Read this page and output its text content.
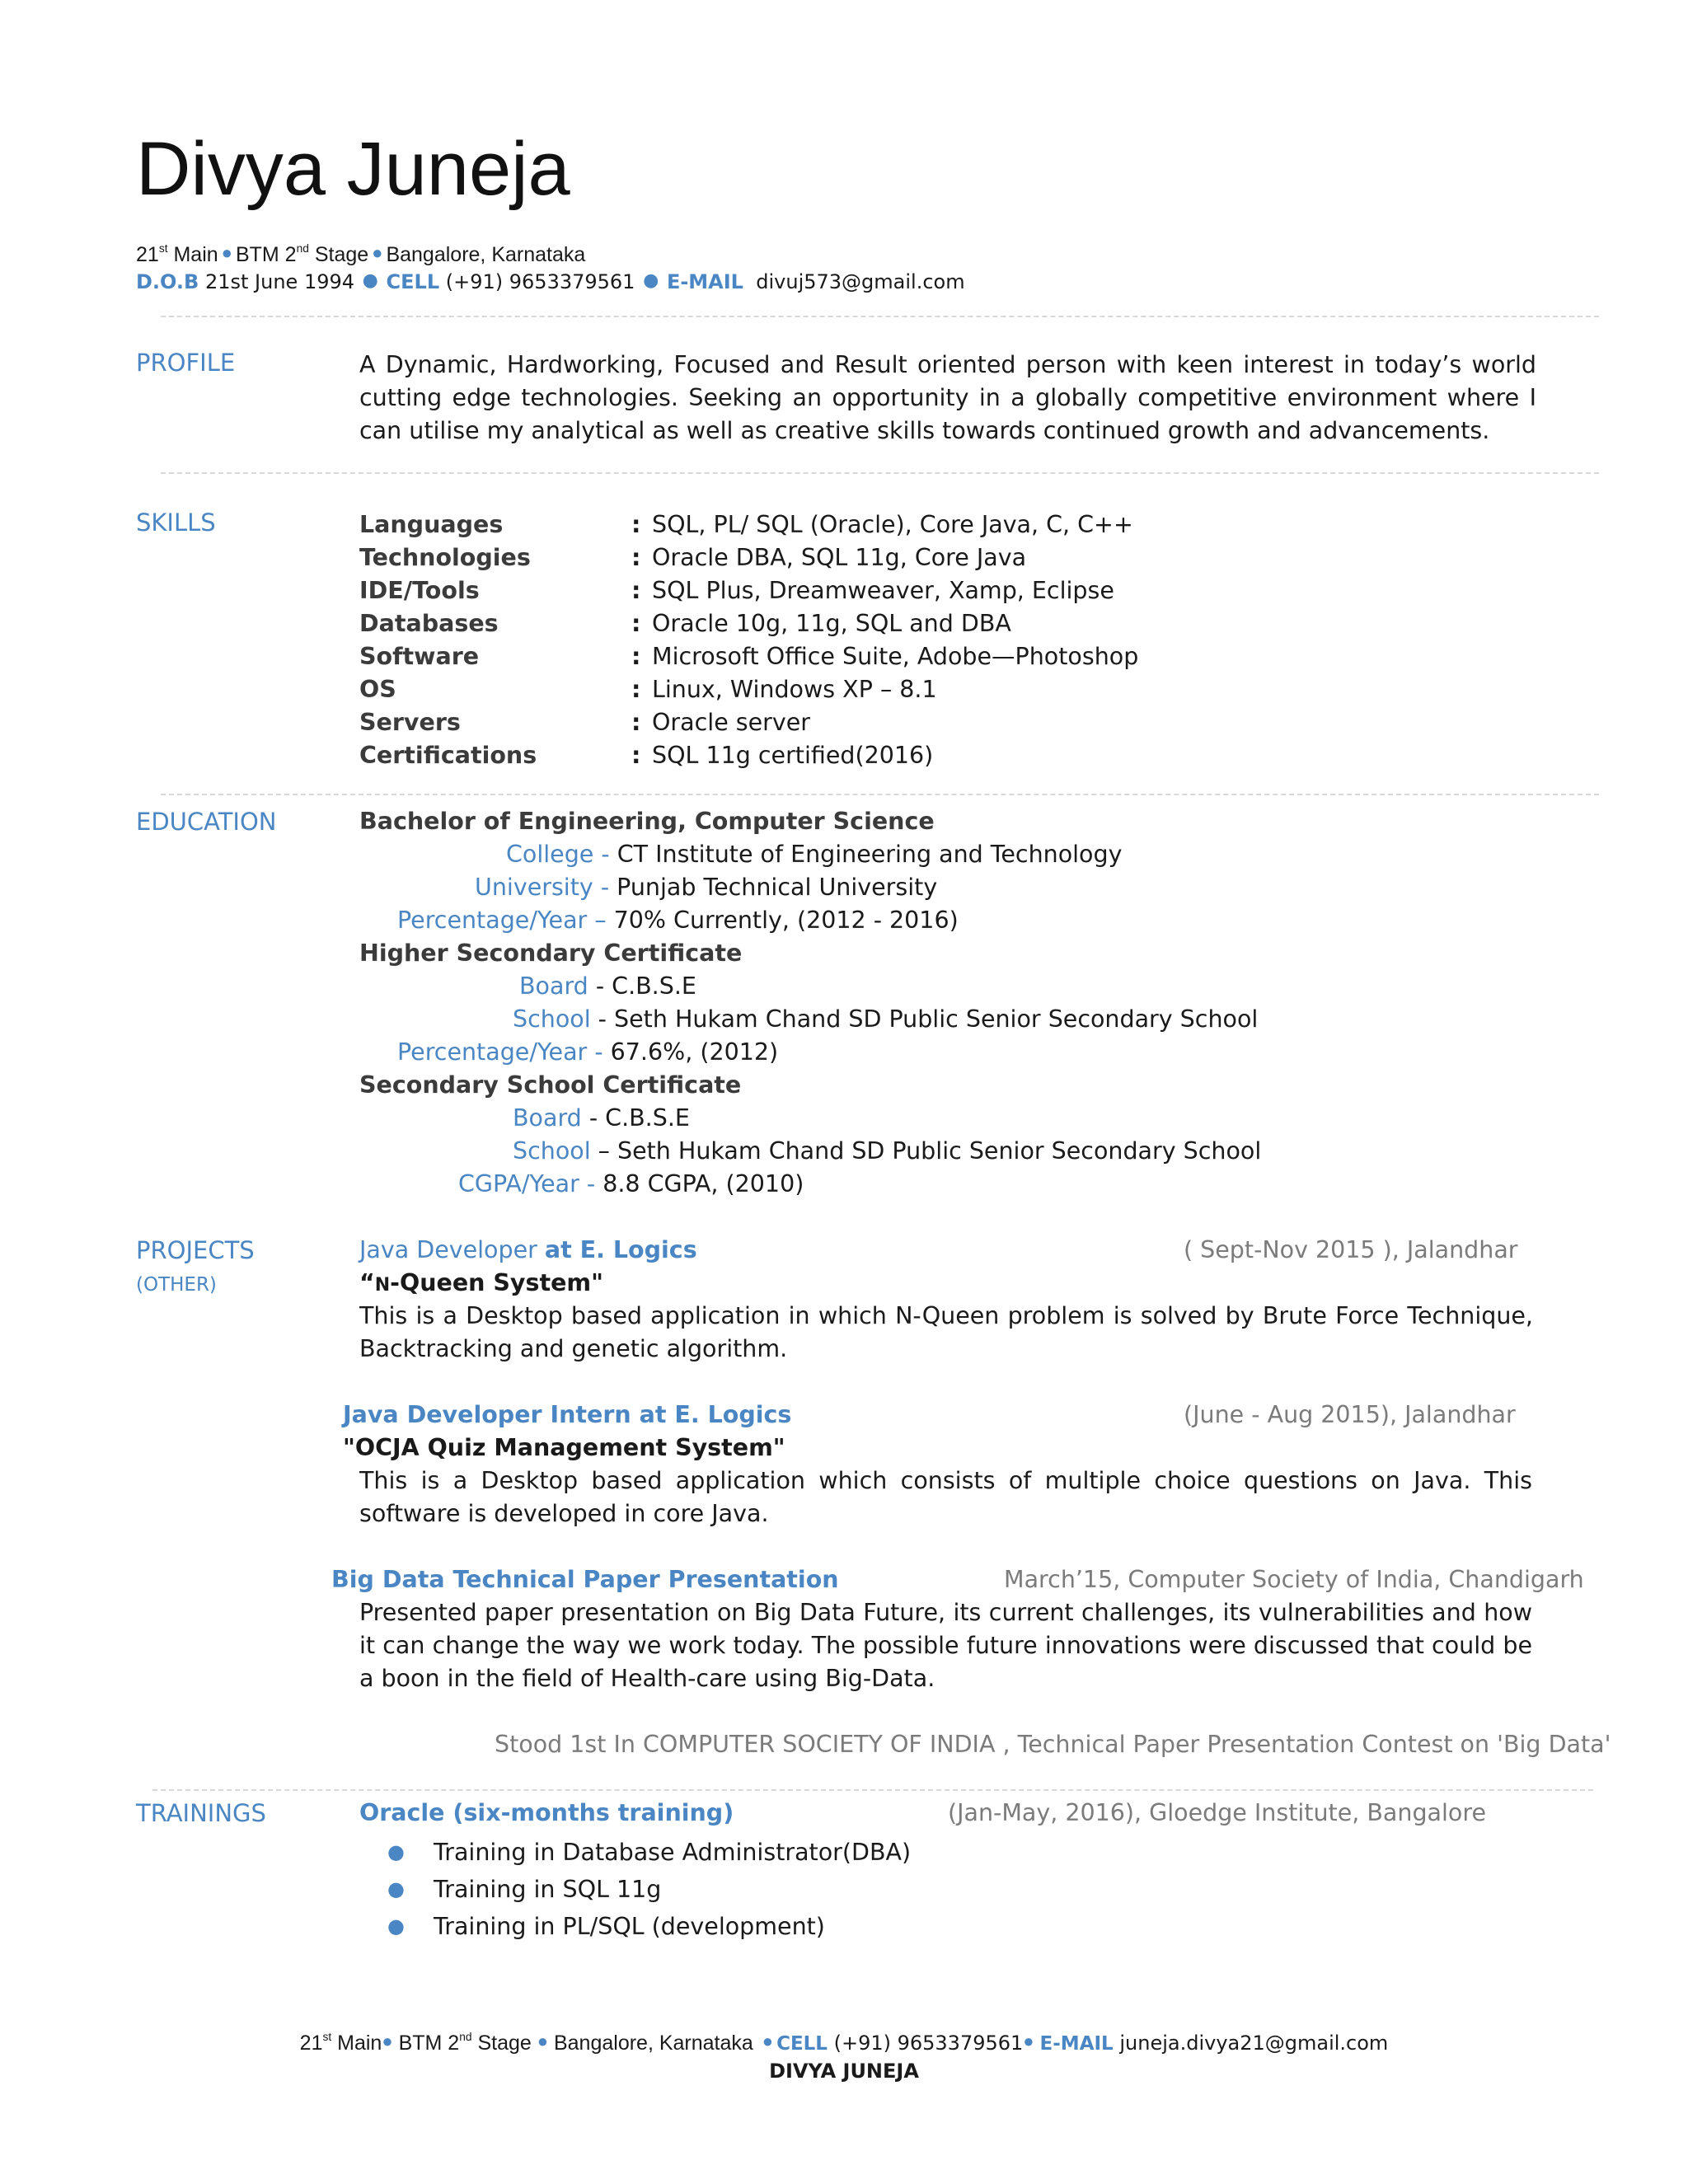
Divya Juneja
21st Main ● BTM 2nd Stage ● Bangalore, Karnataka
D.O.B 21st June 1994 ● CELL (+91) 9653379561 ● E-MAIL divuj573@gmail.com
PROFILE	A Dynamic, Hardworking, Focused and Result oriented person with keen interest in today’s world cutting edge technologies. Seeking an opportunity in a globally competitive environment where I can utilise my analytical as well as creative skills towards continued growth and advancements.
SKILLS	Languages	: SQL, PL/ SQL (Oracle), Core Java, C, C++
Technologies	: Oracle DBA, SQL 11g, Core Java
IDE/Tools	: SQL Plus, Dreamweaver, Xamp, Eclipse
Databases	: Oracle 10g, 11g, SQL and DBA
Software	: Microsoft Office Suite, Adobe—Photoshop
OS	: Linux, Windows XP – 8.1
Servers	: Oracle server
Certifications	: SQL 11g certified(2016)
EDUCATION	Bachelor of Engineering, Computer Science
College - CT Institute of Engineering and Technology
University - Punjab Technical University
Percentage/Year – 70% Currently, (2012 - 2016)
Higher Secondary Certificate
Board - C.B.S.E
School - Seth Hukam Chand SD Public Senior Secondary School
Percentage/Year - 67.6%, (2012)
Secondary School Certificate
Board - C.B.S.E
School – Seth Hukam Chand SD Public Senior Secondary School
CGPA/Year - 8.8 CGPA, (2010)
PROJECTS
(OTHER)
Java Developer at E. Logics	( Sept-Nov 2015 ), Jalandhar
“N-Queen System"
This is a Desktop based application in which N-Queen problem is solved by Brute Force Technique, Backtracking and genetic algorithm.
Java Developer Intern at E. Logics	(June - Aug 2015), Jalandhar
"OCJA Quiz Management System"
This is a Desktop based application which consists of multiple choice questions on Java. This software is developed in core Java.
Big Data Technical Paper Presentation	March’15, Computer Society of India, Chandigarh
Presented paper presentation on Big Data Future, its current challenges, its vulnerabilities and how it can change the way we work today. The possible future innovations were discussed that could be a boon in the field of Health-care using Big-Data.
Stood 1st In COMPUTER SOCIETY OF INDIA , Technical Paper Presentation Contest on 'Big Data'
TRAININGS	Oracle (six-months training)	(Jan-May, 2016), Gloedge Institute, Bangalore
● Training in Database Administrator(DBA)
● Training in SQL 11g
● Training in PL/SQL (development)
21st Main● BTM 2nd Stage ● Bangalore, Karnataka ● CELL (+91) 9653379561● E-MAIL juneja.divya21@gmail.com
DIVYA JUNEJA
